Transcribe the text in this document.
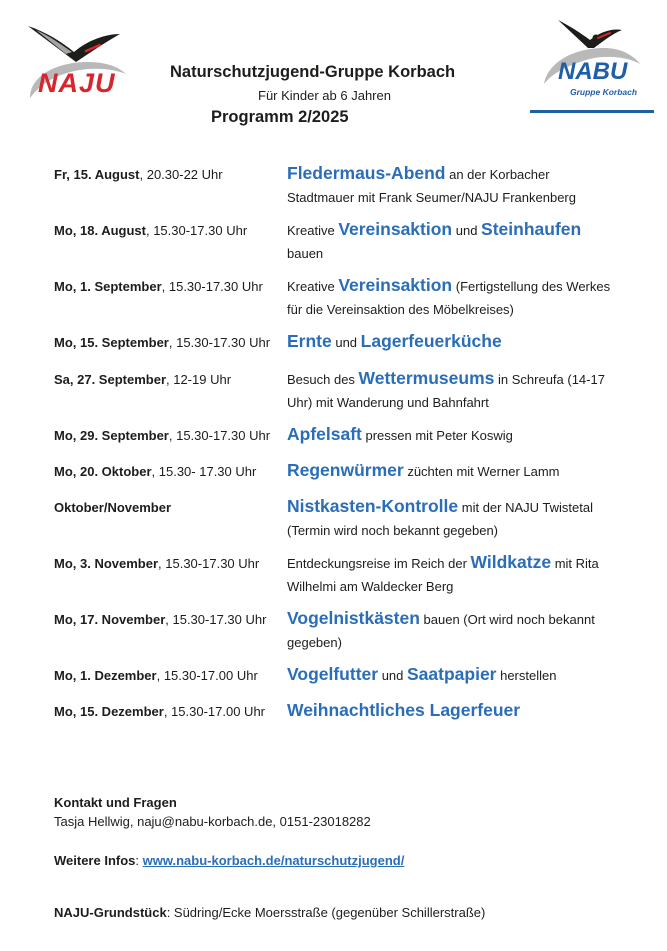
NAJU	NABU
Gruppe Korbach
Naturschutzjugend-Gruppe Korbach
Für Kinder ab 6 Jahren
Programm 2/2025
Fr, 15. August, 20.30-22 Uhr	Fledermaus-Abend an der Korbacher Stadtmauer mit Frank Seumer/NAJU Frankenberg
Mo, 18. August, 15.30-17.30 Uhr	Kreative Vereinsaktion und Steinhaufen bauen
Mo, 1. September, 15.30-17.30 Uhr Kreative Vereinsaktion (Fertigstellung des Werkes für die Vereinsaktion des Möbelkreises)
Mo, 15. September, 15.30-17.30 Uhr Ernte und Lagerfeuerküche
Sa, 27. September, 12-19 Uhr	Besuch des Wettermuseums in Schreufa (14-17 Uhr) mit Wanderung und Bahnfahrt
Mo, 29. September, 15.30-17.30 Uhr Apfelsaft pressen mit Peter Koswig
Mo, 20. Oktober, 15.30- 17.30 Uhr Regenwürmer züchten mit Werner Lamm
Oktober/November	Nistkasten-Kontrolle mit der NAJU Twistetal (Termin wird noch bekannt gegeben)
Mo, 3. November, 15.30-17.30 Uhr Entdeckungsreise im Reich der Wildkatze mit Rita Wilhelmi am Waldecker Berg
Mo, 17. November, 15.30-17.30 Uhr Vogelnistkästen bauen (Ort wird noch bekannt gegeben)
Mo, 1. Dezember, 15.30-17.00 Uhr Vogelfutter und Saatpapier herstellen
Mo, 15. Dezember, 15.30-17.00 Uhr Weihnachtliches Lagerfeuer
Kontakt und Fragen
Tasja Hellwig, naju@nabu-korbach.de, 0151-23018282
Weitere Infos: www.nabu-korbach.de/naturschutzjugend/
NAJU-Grundstück: Südring/Ecke Moersstraße (gegenüber Schillerstraße)
